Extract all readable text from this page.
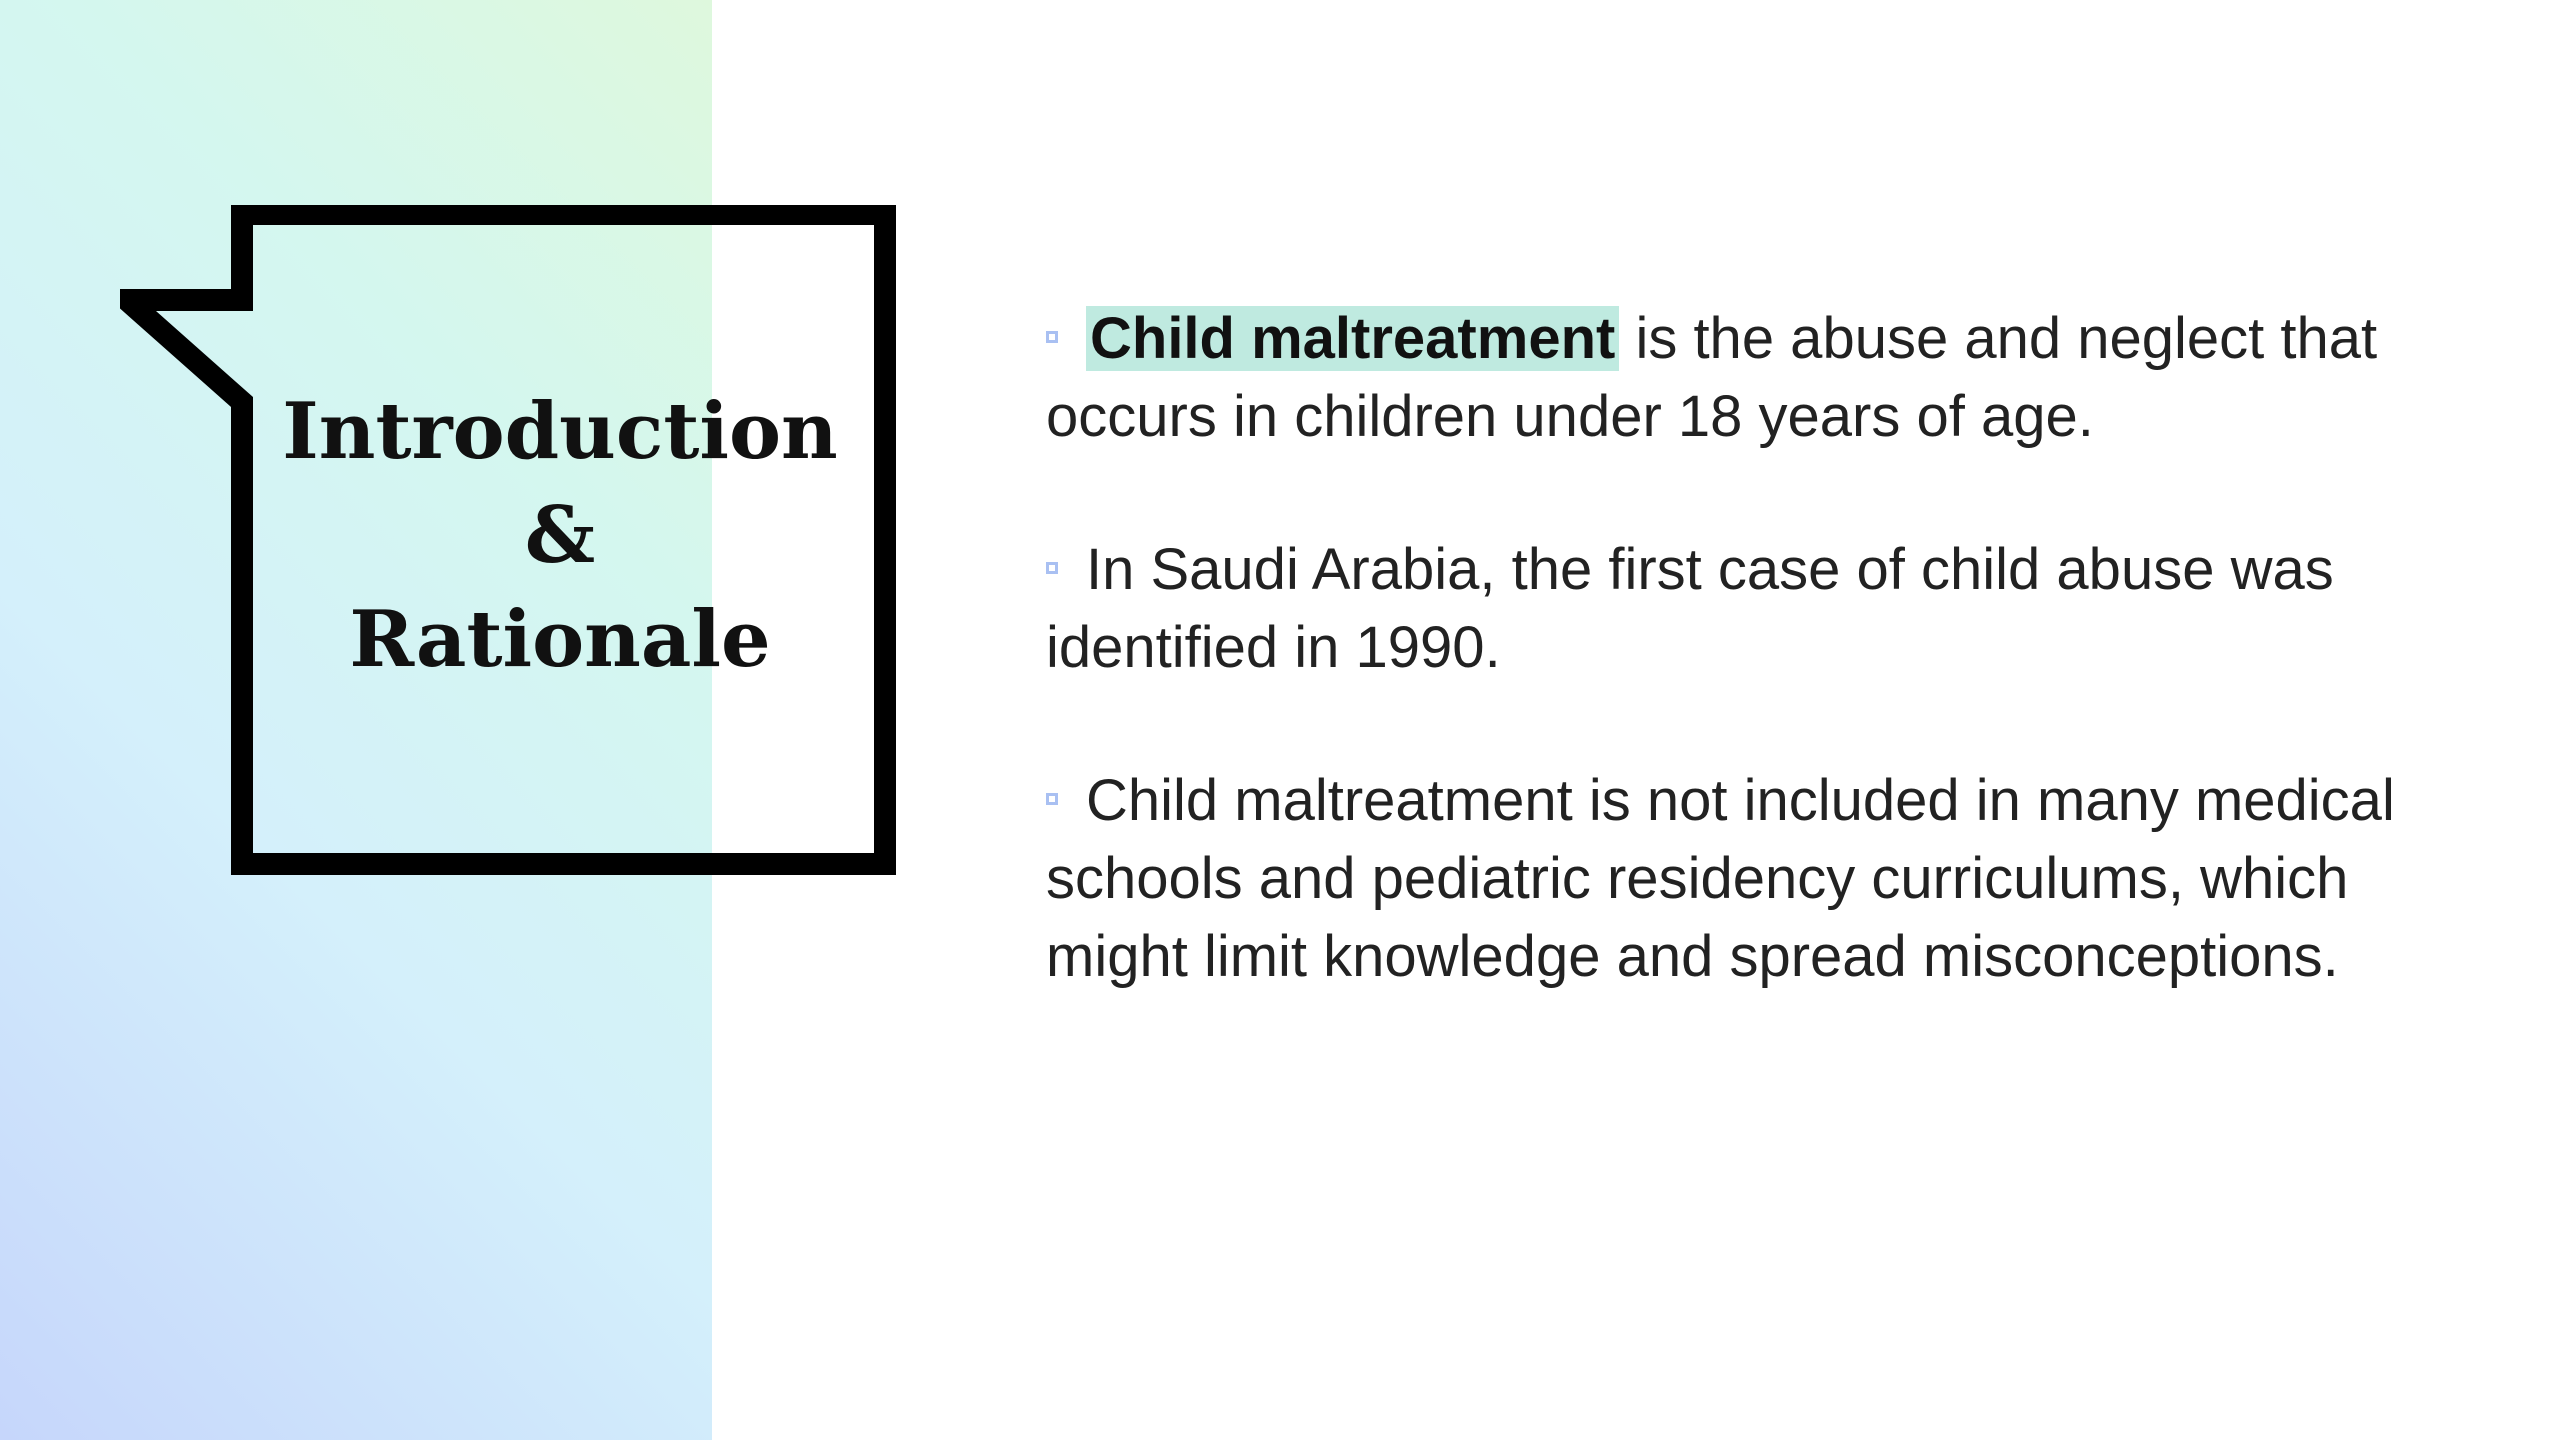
Introduction
&
Rationale

Child maltreatment is the abuse and neglect that occurs in children under 18 years of age.

In Saudi Arabia, the first case of child abuse was identified in 1990.

Child maltreatment is not included in many medical schools and pediatric residency curriculums, which might limit knowledge and spread misconceptions.
